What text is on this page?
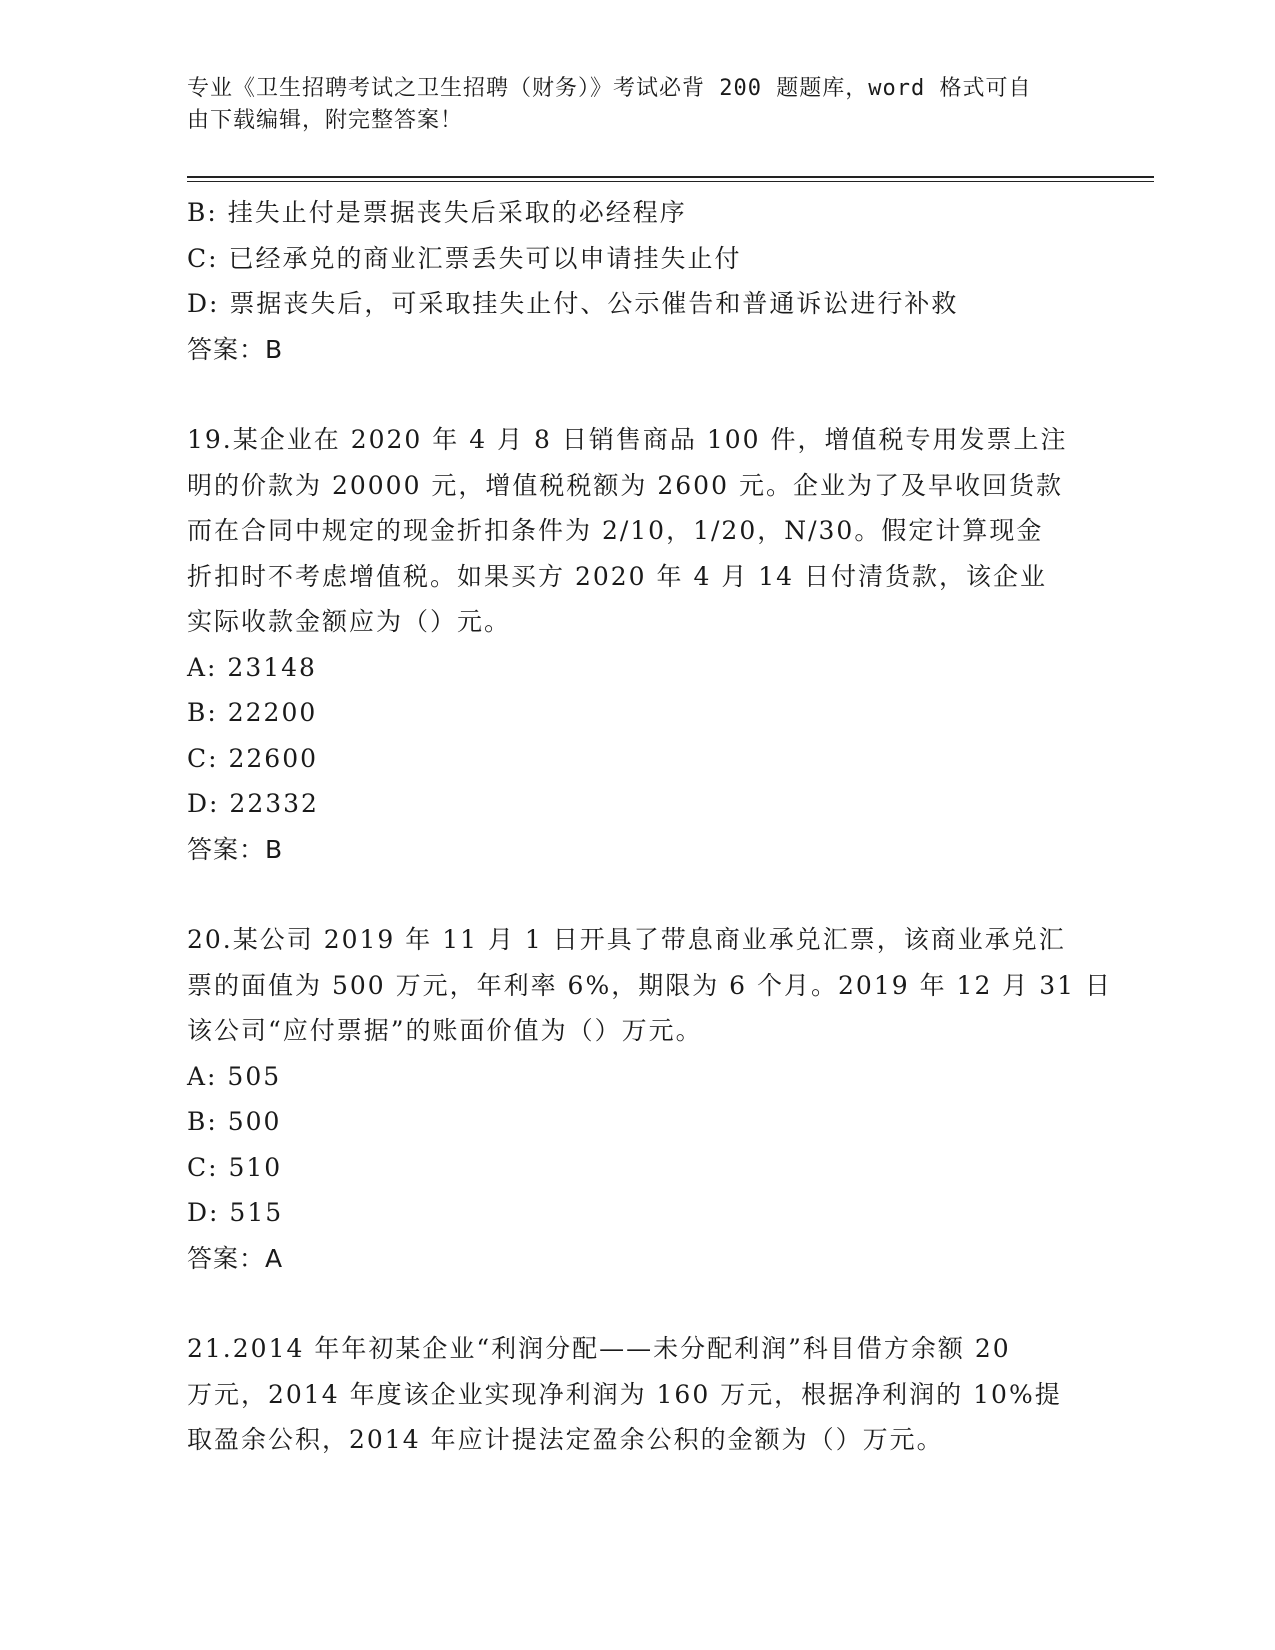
专业《卫生招聘考试之卫生招聘（财务）》考试必背 200 题题库，word 格式可自
由下载编辑，附完整答案！
B: 挂失止付是票据丧失后采取的必经程序
C: 已经承兑的商业汇票丢失可以申请挂失止付
D: 票据丧失后，可采取挂失止付、公示催告和普通诉讼进行补救
答案：B
19.某企业在 2020 年 4 月 8 日销售商品 100 件，增值税专用发票上注
明的价款为 20000 元，增值税税额为 2600 元。企业为了及早收回货款
而在合同中规定的现金折扣条件为 2/10，1/20，N/30。假定计算现金
折扣时不考虑增值税。如果买方 2020 年 4 月 14 日付清货款，该企业
实际收款金额应为（）元。
A: 23148
B: 22200
C: 22600
D: 22332
答案：B
20.某公司 2019 年 11 月 1 日开具了带息商业承兑汇票，该商业承兑汇
票的面值为 500 万元，年利率 6%，期限为 6 个月。2019 年 12 月 31 日
该公司“应付票据”的账面价值为（）万元。
A: 505
B: 500
C: 510
D: 515
答案：A
21.2014 年年初某企业“利润分配——未分配利润”科目借方余额 20
万元，2014 年度该企业实现净利润为 160 万元，根据净利润的 10%提
取盈余公积，2014 年应计提法定盈余公积的金额为（）万元。
